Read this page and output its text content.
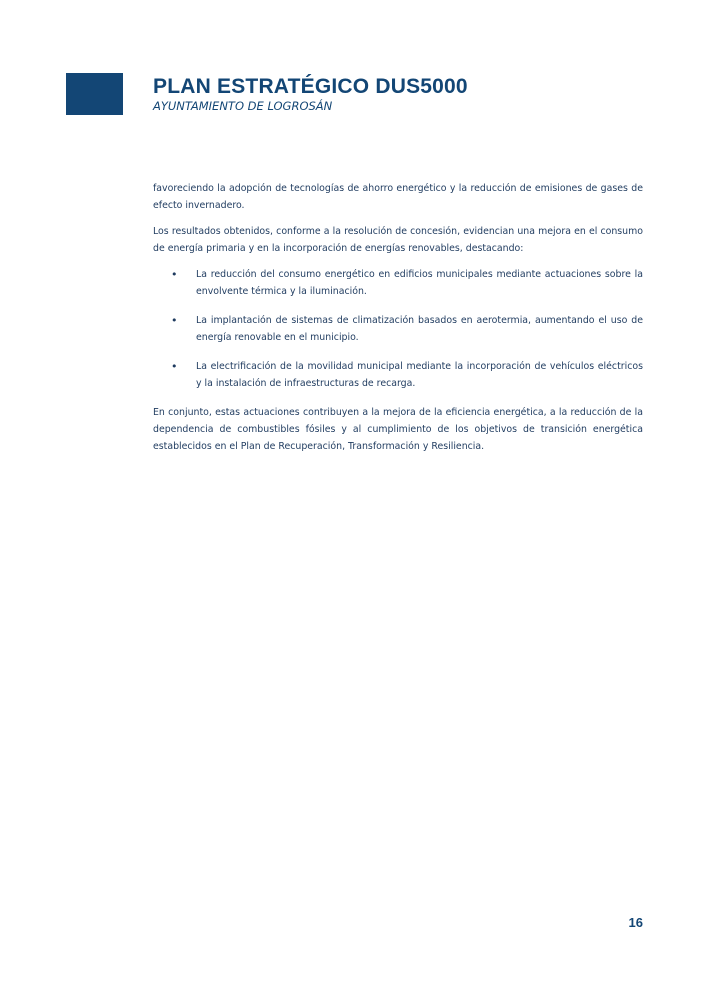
PLAN ESTRATÉGICO DUS5000
AYUNTAMIENTO DE LOGROSÁN

favoreciendo la adopción de tecnologías de ahorro energético y la reducción de emisiones de gases de efecto invernadero.

Los resultados obtenidos, conforme a la resolución de concesión, evidencian una mejora en el consumo de energía primaria y en la incorporación de energías renovables, destacando:

• La reducción del consumo energético en edificios municipales mediante actuaciones sobre la envolvente térmica y la iluminación.
• La implantación de sistemas de climatización basados en aerotermia, aumentando el uso de energía renovable en el municipio.
• La electrificación de la movilidad municipal mediante la incorporación de vehículos eléctricos y la instalación de infraestructuras de recarga.

En conjunto, estas actuaciones contribuyen a la mejora de la eficiencia energética, a la reducción de la dependencia de combustibles fósiles y al cumplimiento de los objetivos de transición energética establecidos en el Plan de Recuperación, Transformación y Resiliencia.

16
